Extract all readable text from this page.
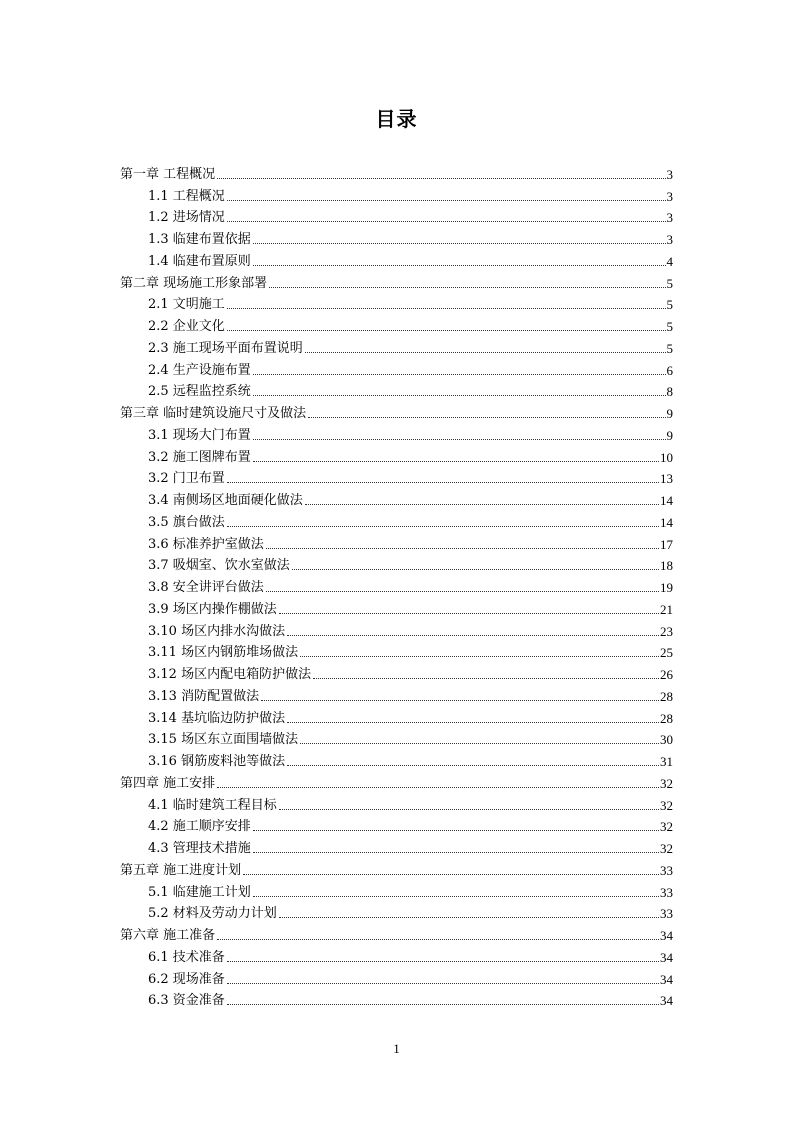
目录
第一章 工程概况	3
1.1 工程概况	3
1.2 进场情况	3
1.3 临建布置依据	3
1.4 临建布置原则	4
第二章 现场施工形象部署	5
2.1 文明施工	5
2.2 企业文化	5
2.3 施工现场平面布置说明	5
2.4 生产设施布置	6
2.5 远程监控系统	8
第三章 临时建筑设施尺寸及做法	9
3.1 现场大门布置	9
3.2 施工图牌布置	10
3.2 门卫布置	13
3.4 南侧场区地面硬化做法	14
3.5 旗台做法	14
3.6 标准养护室做法	17
3.7 吸烟室、饮水室做法	18
3.8 安全讲评台做法	19
3.9 场区内操作棚做法	21
3.10 场区内排水沟做法	23
3.11 场区内钢筋堆场做法	25
3.12 场区内配电箱防护做法	26
3.13 消防配置做法	28
3.14 基坑临边防护做法	28
3.15 场区东立面围墙做法	30
3.16 钢筋废料池等做法	31
第四章 施工安排	32
4.1 临时建筑工程目标	32
4.2 施工顺序安排	32
4.3 管理技术措施	32
第五章 施工进度计划	33
5.1 临建施工计划	33
5.2 材料及劳动力计划	33
第六章 施工准备	34
6.1 技术准备	34
6.2 现场准备	34
6.3 资金准备	34
1
